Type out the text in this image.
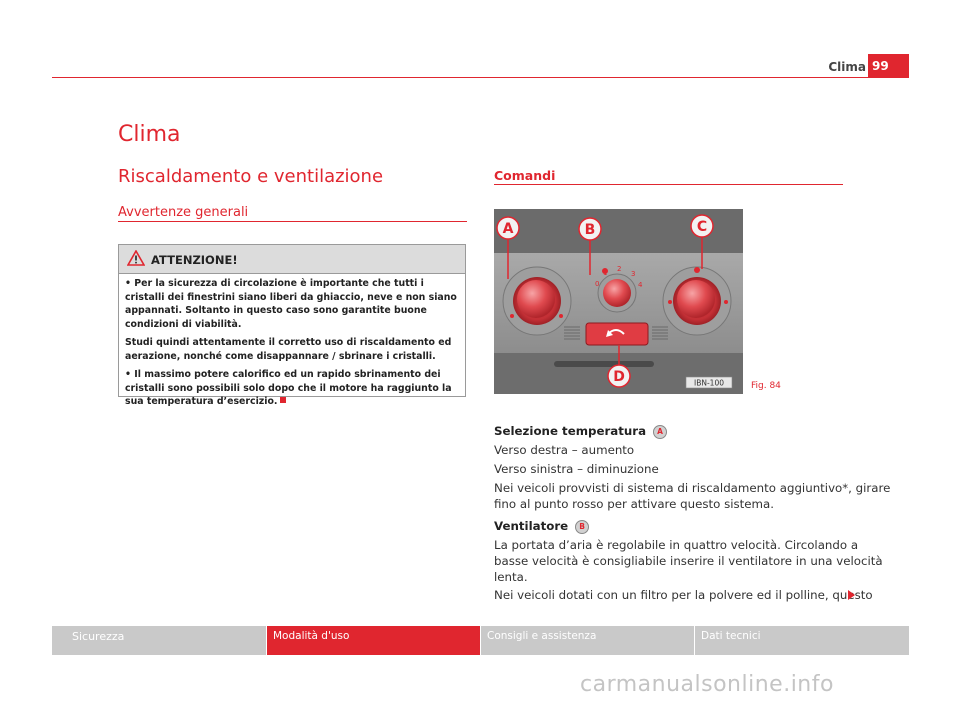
Clima 99
Clima
Riscaldamento e ventilazione
Avvertenze generali
ATTENZIONE!

• Per la sicurezza di circolazione è importante che tutti i cristalli dei finestrini siano liberi da ghiaccio, neve e non siano appannati. Soltanto in questo caso sono garantite buone condizioni di viabilità.

Studi quindi attentamente il corretto uso di riscaldamento ed aerazione, nonché come disappannare / sbrinare i cristalli.

• Il massimo potere calorifico ed un rapido sbrinamento dei cristalli sono possibili solo dopo che il motore ha raggiunto la sua temperatura d’esercizio.

Comandi
0
1 2
3
4
A	B	C
D	IBN-100	Fig. 84
Selezione temperatura A
Verso destra – aumento
Verso sinistra – diminuzione
Nei veicoli provvisti di sistema di riscaldamento aggiuntivo*, girare
fino al punto rosso per attivare questo sistema.
Ventilatore B
La portata d’aria è regolabile in quattro velocità. Circolando a
basse velocità è consigliabile inserire il ventilatore in una velocità
lenta.
Nei veicoli dotati con un filtro per la polvere ed il polline, questo
Sicurezza	Modalità d'uso	Consigli e assistenza	Dati tecnici
carmanualsonline.info
